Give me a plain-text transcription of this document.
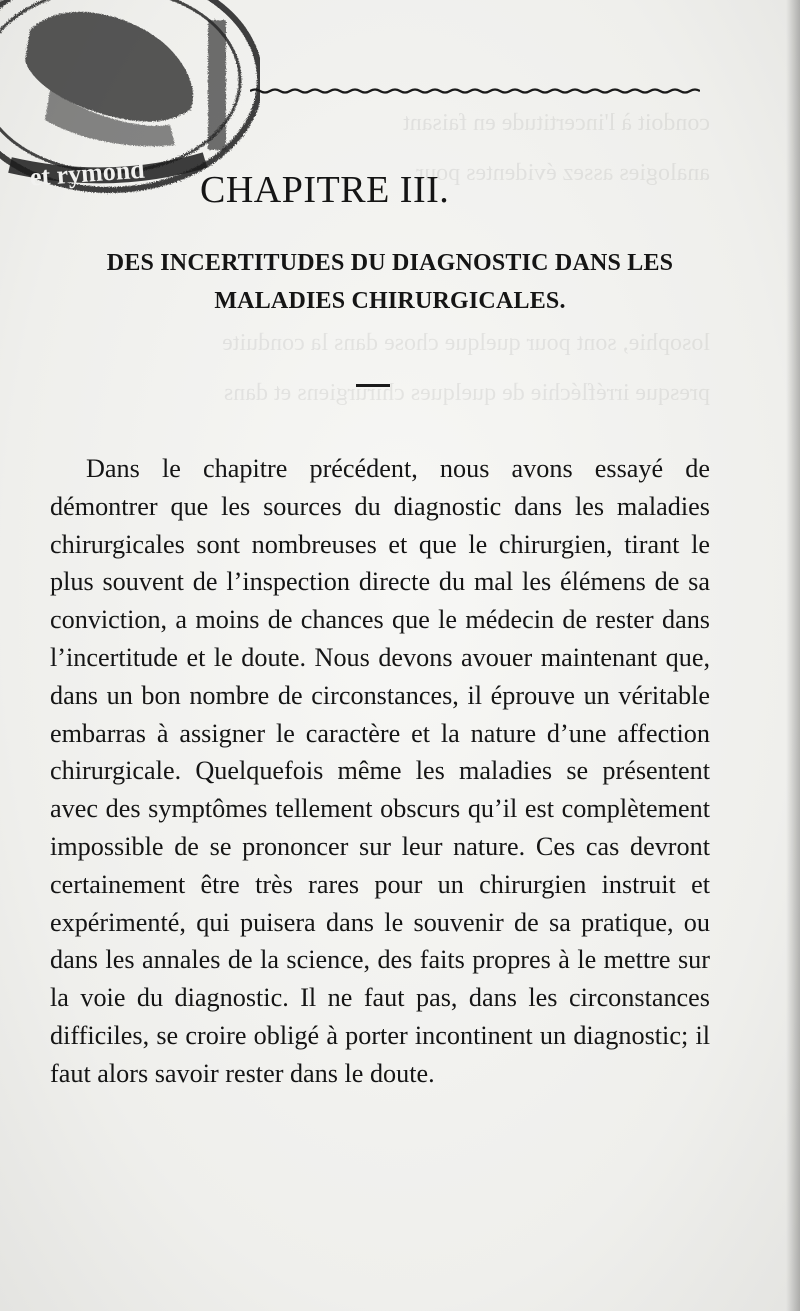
condoit à l'incertitude en faisant
analogies assez évidentes pour
losophie, sont pour quelque chose dans la conduite
presque irréfléchie de quelques chirurgiens et dans
et rymond CHAPITRE III.
DES INCERTITUDES DU DIAGNOSTIC DANS LES
MALADIES CHIRURGICALES.

Dans le chapitre précédent, nous avons essayé de démontrer que les sources du diagnostic dans les maladies chirurgicales sont nombreuses et que le chirurgien, tirant le plus souvent de l’inspection directe du mal les élémens de sa conviction, a moins de chances que le médecin de rester dans l’incertitude et le doute. Nous devons avouer maintenant que, dans un bon nombre de circonstances, il éprouve un véritable embarras à assigner le caractère et la nature d’une affection chirurgicale. Quelquefois même les maladies se présentent avec des symptômes tellement obscurs qu’il est complètement impossible de se prononcer sur leur nature. Ces cas devront certainement être très rares pour un chirurgien instruit et expérimenté, qui puisera dans le souvenir de sa pratique, ou dans les annales de la science, des faits propres à le mettre sur la voie du diagnostic. Il ne faut pas, dans les circonstances difficiles, se croire obligé à porter incontinent un diagnostic; il faut alors savoir rester dans le doute.
